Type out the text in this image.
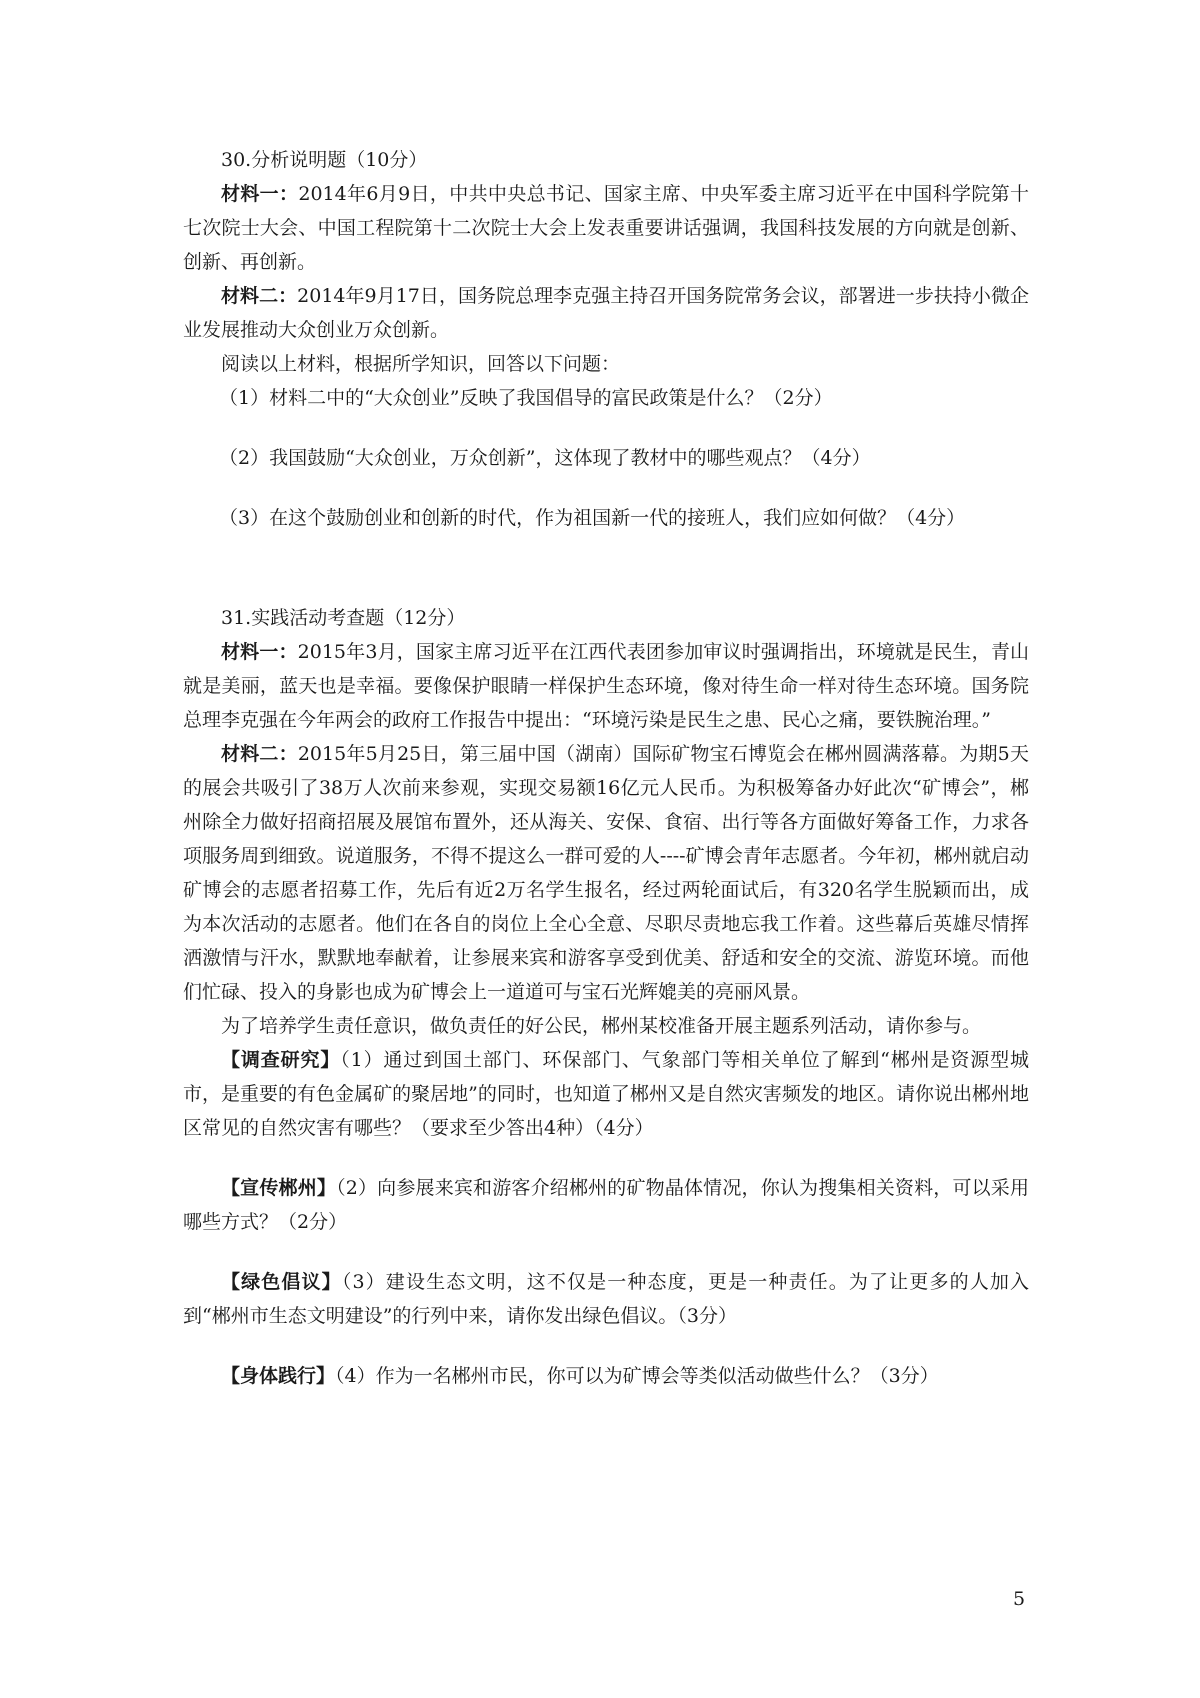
30.分析说明题（10分）

材料一：2014年6月9日，中共中央总书记、国家主席、中央军委主席习近平在中国科学院第十七次院士大会、中国工程院第十二次院士大会上发表重要讲话强调，我国科技发展的方向就是创新、创新、再创新。

材料二：2014年9月17日，国务院总理李克强主持召开国务院常务会议，部署进一步扶持小微企业发展推动大众创业万众创新。

阅读以上材料，根据所学知识，回答以下问题：

（1）材料二中的“大众创业”反映了我国倡导的富民政策是什么？（2分）

（2）我国鼓励“大众创业，万众创新”，这体现了教材中的哪些观点？（4分）

（3）在这个鼓励创业和创新的时代，作为祖国新一代的接班人，我们应如何做？（4分）

31.实践活动考查题（12分）

材料一：2015年3月，国家主席习近平在江西代表团参加审议时强调指出，环境就是民生，青山就是美丽，蓝天也是幸福。要像保护眼睛一样保护生态环境，像对待生命一样对待生态环境。国务院总理李克强在今年两会的政府工作报告中提出：“环境污染是民生之患、民心之痛，要铁腕治理。”

材料二：2015年5月25日，第三届中国（湖南）国际矿物宝石博览会在郴州圆满落幕。为期5天的展会共吸引了38万人次前来参观，实现交易额16亿元人民币。为积极筹备办好此次“矿博会”，郴州除全力做好招商招展及展馆布置外，还从海关、安保、食宿、出行等各方面做好筹备工作，力求各项服务周到细致。说道服务，不得不提这么一群可爱的人----矿博会青年志愿者。今年初，郴州就启动矿博会的志愿者招募工作，先后有近2万名学生报名，经过两轮面试后，有320名学生脱颖而出，成为本次活动的志愿者。他们在各自的岗位上全心全意、尽职尽责地忘我工作着。这些幕后英雄尽情挥洒激情与汗水，默默地奉献着，让参展来宾和游客享受到优美、舒适和安全的交流、游览环境。而他们忙碌、投入的身影也成为矿博会上一道道可与宝石光辉媲美的亮丽风景。

为了培养学生责任意识，做负责任的好公民，郴州某校准备开展主题系列活动，请你参与。

【调查研究】（1）通过到国土部门、环保部门、气象部门等相关单位了解到“郴州是资源型城市，是重要的有色金属矿的聚居地”的同时，也知道了郴州又是自然灾害频发的地区。请你说出郴州地区常见的自然灾害有哪些？（要求至少答出4种）（4分）

【宣传郴州】（2）向参展来宾和游客介绍郴州的矿物晶体情况，你认为搜集相关资料，可以采用哪些方式？（2分）

【绿色倡议】（3）建设生态文明，这不仅是一种态度，更是一种责任。为了让更多的人加入到“郴州市生态文明建设”的行列中来，请你发出绿色倡议。（3分）

【身体践行】（4）作为一名郴州市民，你可以为矿博会等类似活动做些什么？（3分）

5
